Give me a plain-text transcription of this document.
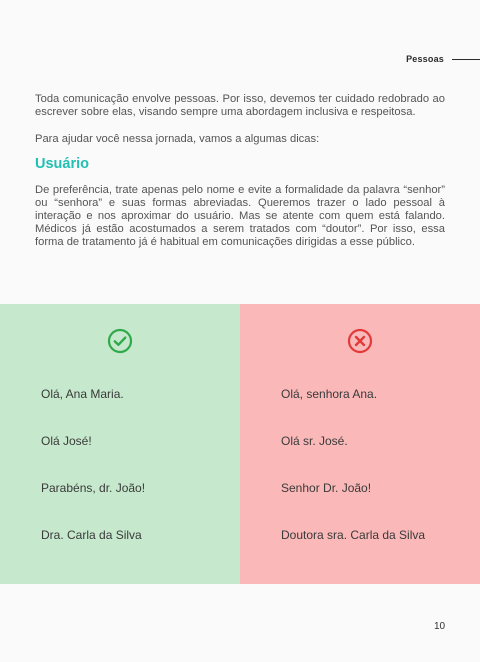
Pessoas

Toda comunicação envolve pessoas. Por isso, devemos ter cuidado redobrado ao escrever sobre elas, visando sempre uma abordagem inclusiva e respeitosa.

Para ajudar você nessa jornada, vamos a algumas dicas:

Usuário

De preferência, trate apenas pelo nome e evite a formalidade da palavra “senhor” ou “senhora” e suas formas abreviadas. Queremos trazer o lado pessoal à interação e nos aproximar do usuário. Mas se atente com quem está falando. Médicos já estão acostumados a serem tratados com “doutor”. Por isso, essa forma de tratamento já é habitual em comunicações dirigidas a esse público.

Olá, Ana Maria.
Olá José!
Parabéns, dr. João!
Dra. Carla da Silva
Olá, senhora Ana.
Olá sr. José.
Senhor Dr. João!
Doutora sra. Carla da Silva
10
